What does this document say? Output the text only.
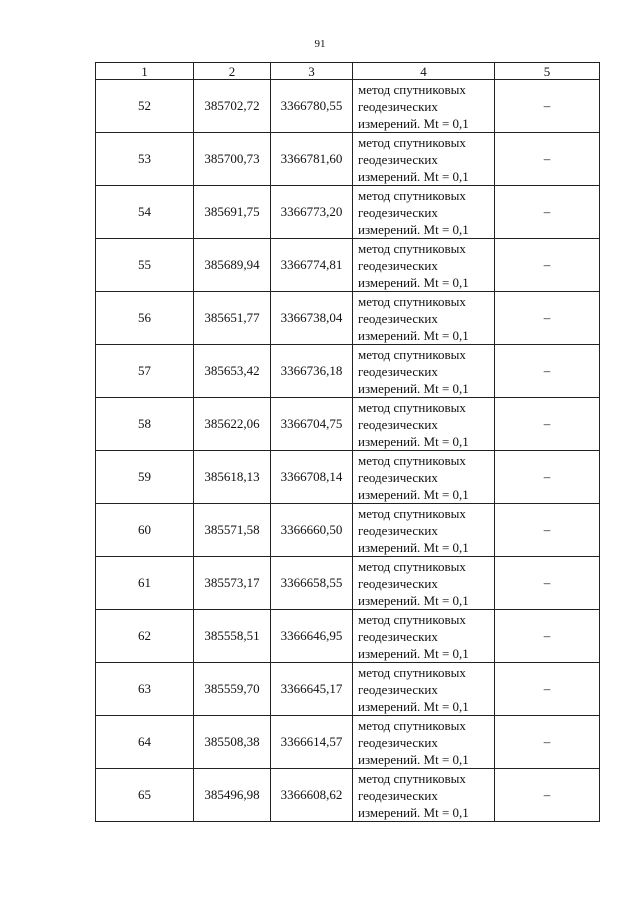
91
1	2	3	4	5
52	385702,72	3366780,55	метод спутниковых геодезических измерений. Mt = 0,1	–
53	385700,73	3366781,60	метод спутниковых геодезических измерений. Mt = 0,1	–
54	385691,75	3366773,20	метод спутниковых геодезических измерений. Mt = 0,1	–
55	385689,94	3366774,81	метод спутниковых геодезических измерений. Mt = 0,1	–
56	385651,77	3366738,04	метод спутниковых геодезических измерений. Mt = 0,1	–
57	385653,42	3366736,18	метод спутниковых геодезических измерений. Mt = 0,1	–
58	385622,06	3366704,75	метод спутниковых геодезических измерений. Mt = 0,1	–
59	385618,13	3366708,14	метод спутниковых геодезических измерений. Mt = 0,1	–
60	385571,58	3366660,50	метод спутниковых геодезических измерений. Mt = 0,1	–
61	385573,17	3366658,55	метод спутниковых геодезических измерений. Mt = 0,1	–
62	385558,51	3366646,95	метод спутниковых геодезических измерений. Mt = 0,1	–
63	385559,70	3366645,17	метод спутниковых геодезических измерений. Mt = 0,1	–
64	385508,38	3366614,57	метод спутниковых геодезических измерений. Mt = 0,1	–
65	385496,98	3366608,62	метод спутниковых геодезических измерений. Mt = 0,1	–
